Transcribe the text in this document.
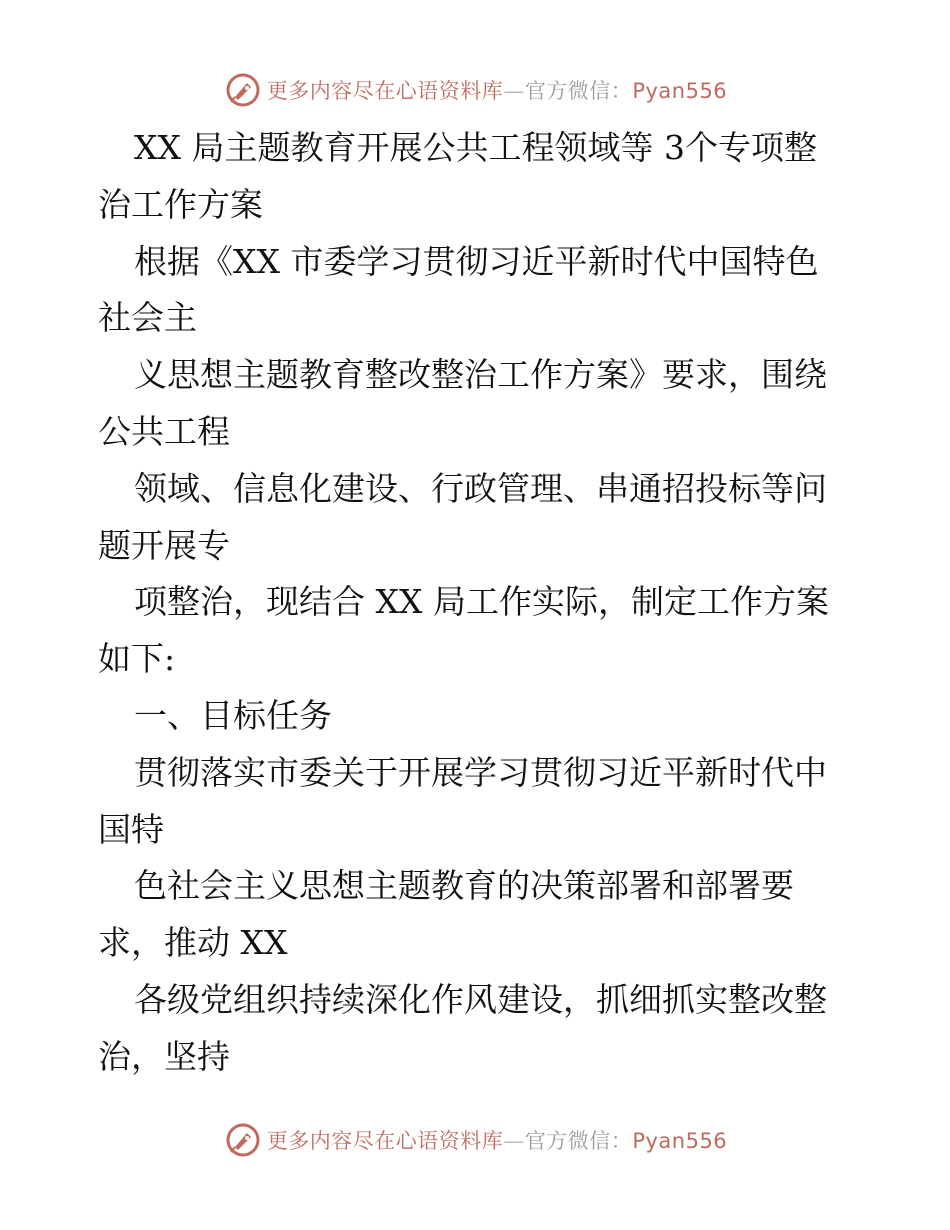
更多内容尽在心语资料库—官方微信：Pyan556
XX 局主题教育开展公共工程领域等 3个专项整
治工作方案
根据《XX 市委学习贯彻习近平新时代中国特色
社会主
义思想主题教育整改整治工作方案》要求，围绕
公共工程
领域、信息化建设、行政管理、串通招投标等问
题开展专
项整治，现结合 XX 局工作实际，制定工作方案
如下:
一、目标任务
贯彻落实市委关于开展学习贯彻习近平新时代中
国特
色社会主义思想主题教育的决策部署和部署要
求，推动 XX
各级党组织持续深化作风建设，抓细抓实整改整
治，坚持
更多内容尽在心语资料库—官方微信：Pyan556
